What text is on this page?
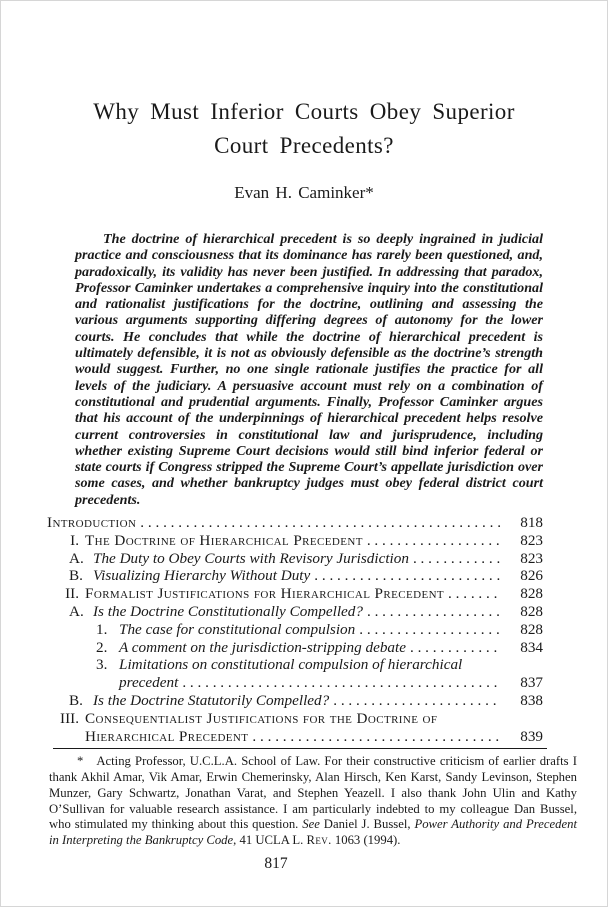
Why Must Inferior Courts Obey Superior
Court Precedents?
Evan H. Caminker*

The doctrine of hierarchical precedent is so deeply ingrained in judicial practice and consciousness that its dominance has rarely been questioned, and, paradoxically, its validity has never been justified. In addressing that paradox, Professor Caminker undertakes a comprehensive inquiry into the constitutional and rationalist justifications for the doctrine, outlining and assessing the various arguments supporting differing degrees of autonomy for the lower courts. He concludes that while the doctrine of hierarchical precedent is ultimately defensible, it is not as obviously defensible as the doctrine’s strength would suggest. Further, no one single rationale justifies the practice for all levels of the judiciary. A persuasive account must rely on a combination of constitutional and prudential arguments. Finally, Professor Caminker argues that his account of the underpinnings of hierarchical precedent helps resolve current controversies in constitutional law and jurisprudence, including whether existing Supreme Court decisions would still bind inferior federal or state courts if Congress stripped the Supreme Court’s appellate jurisdiction over some cases, and whether bankruptcy judges must obey federal district court precedents.

Introduction . . .	818
I. The Doctrine of Hierarchical Precedent . . .	823
A. The Duty to Obey Courts with Revisory Jurisdiction . . .	823
B. Visualizing Hierarchy Without Duty . . .	826
II. Formalist Justifications for Hierarchical Precedent . . .	828
A. Is the Doctrine Constitutionally Compelled? . . .	828
1. The case for constitutional compulsion . . .	828
2. A comment on the jurisdiction-stripping debate . . .	834
3. Limitations on constitutional compulsion of hierarchical
precedent . . .	837
B. Is the Doctrine Statutorily Compelled? . . .	838
III. Consequentialist Justifications for the Doctrine of
Hierarchical Precedent . . .	839

* Acting Professor, U.C.L.A. School of Law. For their constructive criticism of earlier drafts I thank Akhil Amar, Vik Amar, Erwin Chemerinsky, Alan Hirsch, Ken Karst, Sandy Levinson, Stephen Munzer, Gary Schwartz, Jonathan Varat, and Stephen Yeazell. I also thank John Ulin and Kathy O’Sullivan for valuable research assistance. I am particularly indebted to my colleague Dan Bussel, who stimulated my thinking about this question. See Daniel J. Bussel, Power Authority and Precedent in Interpreting the Bankruptcy Code, 41 UCLA L. Rev. 1063 (1994).

817
